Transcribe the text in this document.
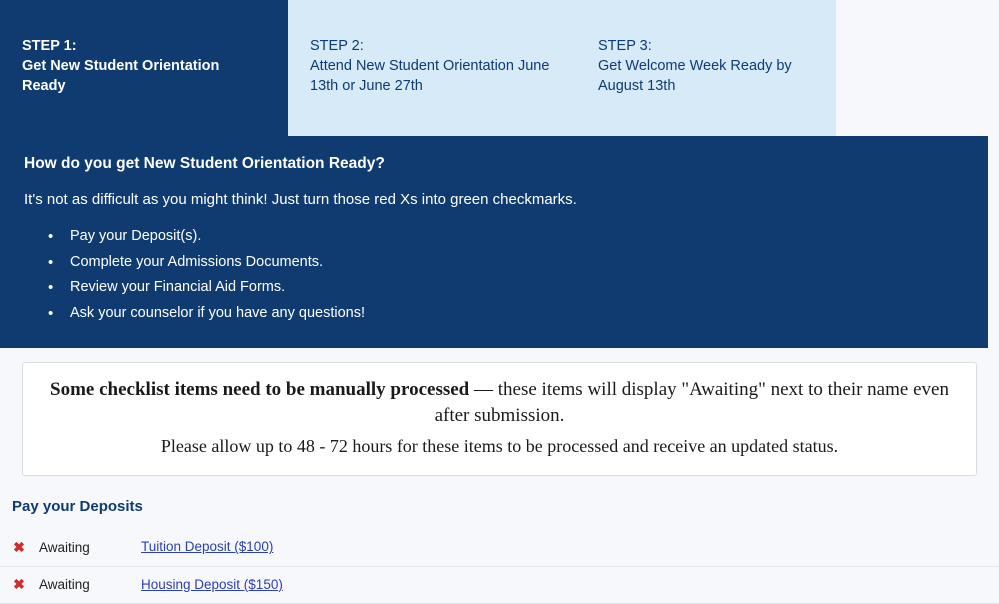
STEP 1:
Get New Student Orientation Ready
STEP 2:
Attend New Student Orientation June 13th or June 27th
STEP 3:
Get Welcome Week Ready by August 13th
How do you get New Student Orientation Ready?
It's not as difficult as you might think! Just turn those red Xs into green checkmarks.
• Pay your Deposit(s).
• Complete your Admissions Documents.
• Review your Financial Aid Forms.
• Ask your counselor if you have any questions!

Some checklist items need to be manually processed — these items will display "Awaiting" next to their name even after submission.

Please allow up to 48 - 72 hours for these items to be processed and receive an updated status.

Pay your Deposits
✖	Awaiting	Tuition Deposit ($100)
✖	Awaiting	Housing Deposit ($150)
